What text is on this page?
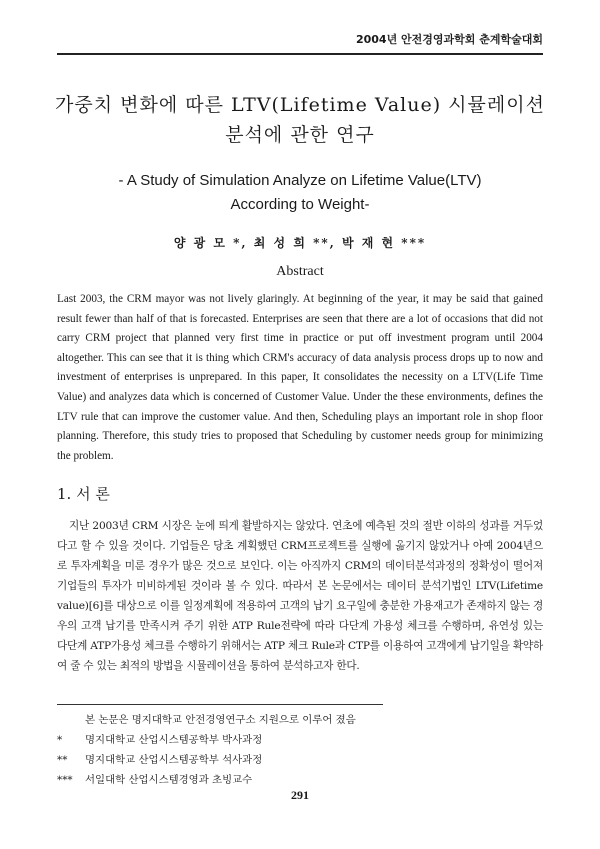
2004년 안전경영과학회 춘계학술대회
가중치 변화에 따른 LTV(Lifetime Value) 시뮬레이션
분석에 관한 연구
- A Study of Simulation Analyze on Lifetime Value(LTV)
According to Weight-
양 광 모 *, 최 성 희 **, 박 재 현 ***
Abstract

Last 2003, the CRM mayor was not lively glaringly. At beginning of the year, it may be said that gained result fewer than half of that is forecasted. Enterprises are seen that there are a lot of occasions that did not carry CRM project that planned very first time in practice or put off investment program until 2004 altogether. This can see that it is thing which CRM's accuracy of data analysis process drops up to now and investment of enterprises is unprepared. In this paper, It consolidates the necessity on a LTV(Life Time Value) and analyzes data which is concerned of Customer Value. Under the these environments, defines the LTV rule that can improve the customer value. And then, Scheduling plays an important role in shop floor planning. Therefore, this study tries to proposed that Scheduling by customer needs group for minimizing the problem.

1. 서 론

지난 2003년 CRM 시장은 눈에 띄게 활발하지는 않았다. 연초에 예측된 것의 절반 이하의 성과를 거두었다고 할 수 있을 것이다. 기업들은 당초 계획했던 CRM프로젝트를 실행에 옮기지 않았거나 아예 2004년으로 투자계획을 미룬 경우가 많은 것으로 보인다. 이는 아직까지 CRM의 데이터분석과정의 정확성이 떨어져 기업들의 투자가 미비하게된 것이라 볼 수 있다. 따라서 본 논문에서는 데이터 분석기법인 LTV(Lifetime value)[6]를 대상으로 이를 일정계획에 적용하여 고객의 납기 요구일에 충분한 가용재고가 존재하지 않는 경우의 고객 납기를 만족시켜 주기 위한 ATP Rule전략에 따라 다단계 가용성 체크를 수행하며, 유연성 있는 다단계 ATP가용성 체크를 수행하기 위해서는 ATP 체크 Rule과 CTP를 이용하여 고객에게 납기일을 확약하여 줄 수 있는 최적의 방법을 시뮬레이션을 통하여 분석하고자 한다.

본 논문은 명지대학교 안전경영연구소 지원으로 이루어 졌음
*	명지대학교 산업시스템공학부 박사과정
**	명지대학교 산업시스템공학부 석사과정
***	서일대학 산업시스템경영과 초빙교수
291
